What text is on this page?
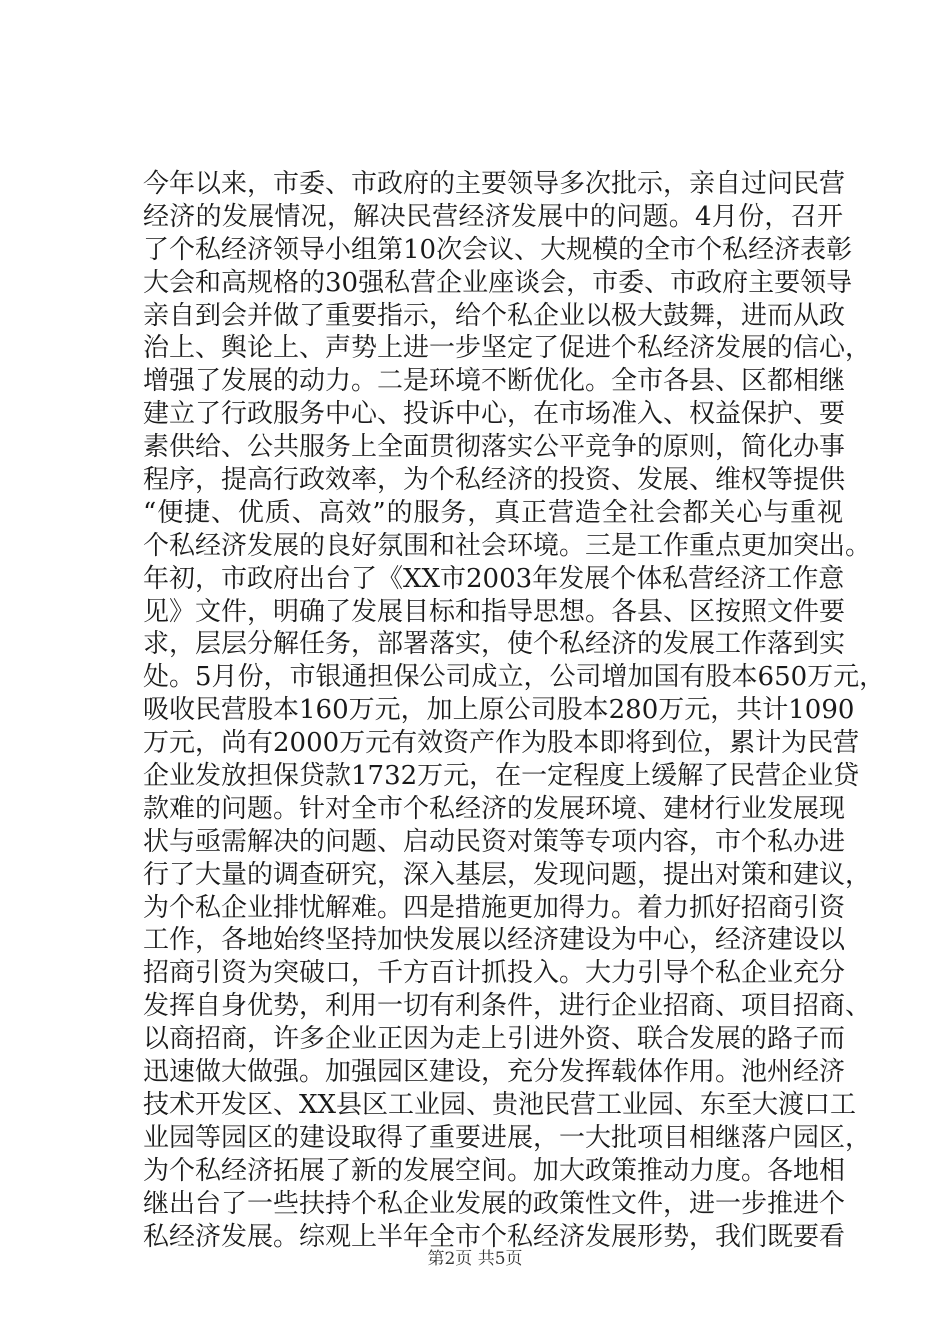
今年以来，市委、市政府的主要领导多次批示，亲自过问民营
经济的发展情况，解决民营经济发展中的问题。4月份，召开
了个私经济领导小组第10次会议、大规模的全市个私经济表彰
大会和高规格的30强私营企业座谈会，市委、市政府主要领导
亲自到会并做了重要指示，给个私企业以极大鼓舞，进而从政
治上、舆论上、声势上进一步坚定了促进个私经济发展的信心，
增强了发展的动力。二是环境不断优化。全市各县、区都相继
建立了行政服务中心、投诉中心，在市场准入、权益保护、要
素供给、公共服务上全面贯彻落实公平竞争的原则，简化办事
程序，提高行政效率，为个私经济的投资、发展、维权等提供
“便捷、优质、高效”的服务，真正营造全社会都关心与重视
个私经济发展的良好氛围和社会环境。三是工作重点更加突出。
年初，市政府出台了《XX市2003年发展个体私营经济工作意
见》文件，明确了发展目标和指导思想。各县、区按照文件要
求，层层分解任务，部署落实，使个私经济的发展工作落到实
处。5月份，市银通担保公司成立，公司增加国有股本650万元，
吸收民营股本160万元，加上原公司股本280万元，共计1090
万元，尚有2000万元有效资产作为股本即将到位，累计为民营
企业发放担保贷款1732万元，在一定程度上缓解了民营企业贷
款难的问题。针对全市个私经济的发展环境、建材行业发展现
状与亟需解决的问题、启动民资对策等专项内容，市个私办进
行了大量的调查研究，深入基层，发现问题，提出对策和建议，
为个私企业排忧解难。四是措施更加得力。着力抓好招商引资
工作，各地始终坚持加快发展以经济建设为中心，经济建设以
招商引资为突破口，千方百计抓投入。大力引导个私企业充分
发挥自身优势，利用一切有利条件，进行企业招商、项目招商、
以商招商，许多企业正因为走上引进外资、联合发展的路子而
迅速做大做强。加强园区建设，充分发挥载体作用。池州经济
技术开发区、XX县区工业园、贵池民营工业园、东至大渡口工
业园等园区的建设取得了重要进展，一大批项目相继落户园区，
为个私经济拓展了新的发展空间。加大政策推动力度。各地相
继出台了一些扶持个私企业发展的政策性文件，进一步推进个
私经济发展。综观上半年全市个私经济发展形势，我们既要看
第2页 共5页
